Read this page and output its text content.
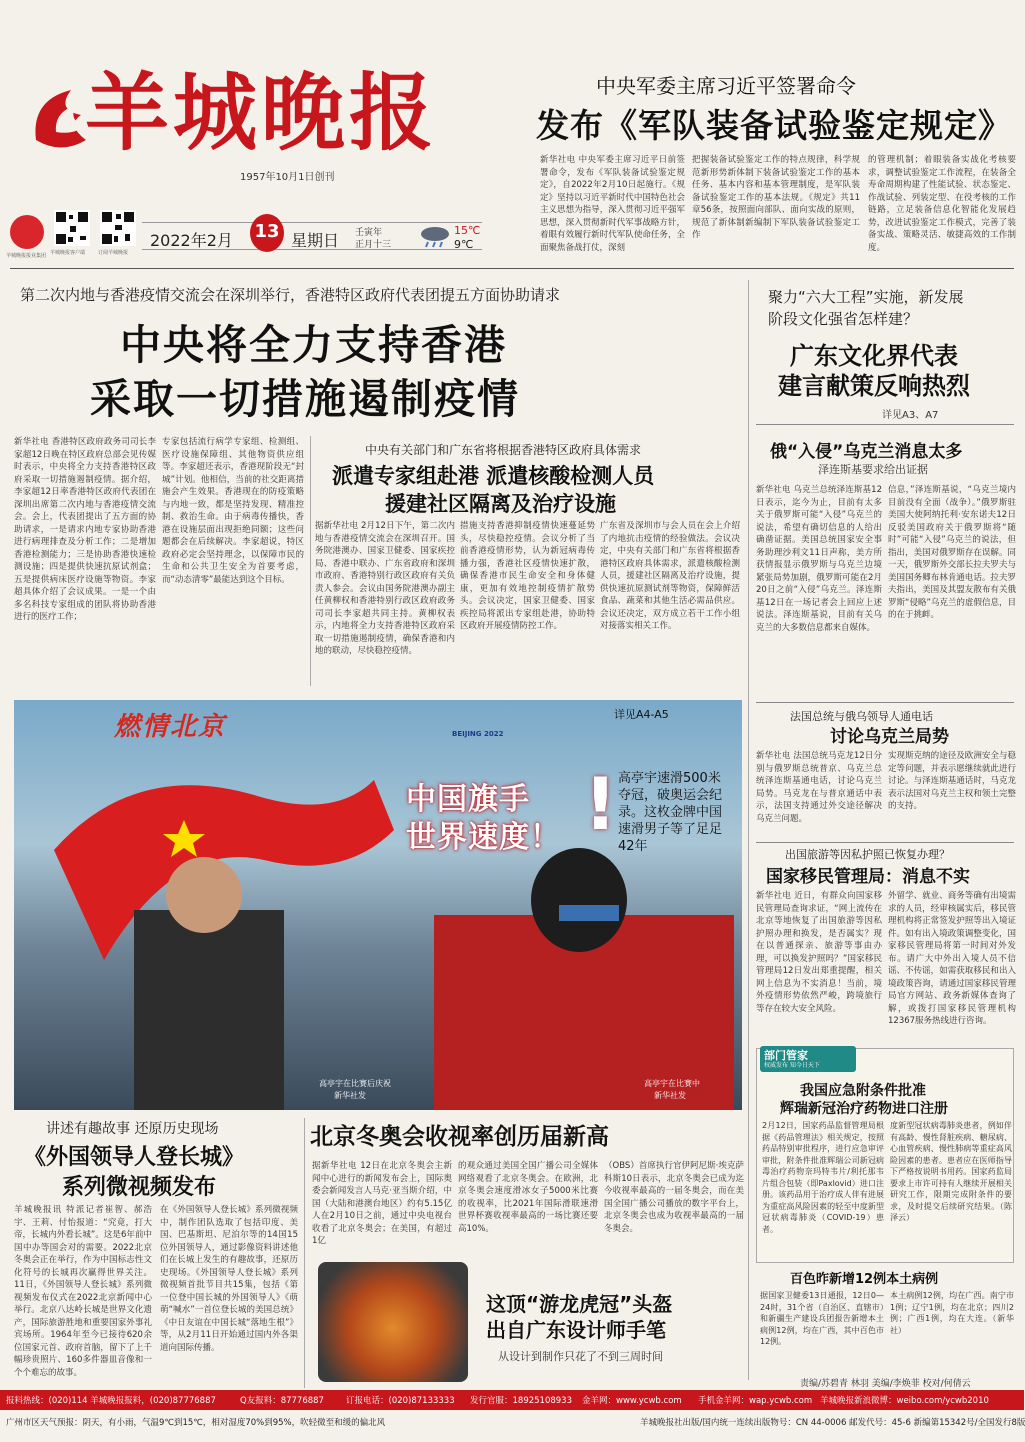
羊城晚报
1957年10月1日创刊
羊城晚报报业集团 羊城晚报客户端	订阅羊城晚报
2022年2月 13 星期日 壬寅年
正月十三
15℃
9℃
中央军委主席习近平签署命令
发布《军队装备试验鉴定规定》
新华社电 中央军委主席习近平日前签署命令，发布《军队装备试验鉴定规定》，自2022年2月10日起施行。《规定》坚持以习近平新时代中国特色社会主义思想为指导，深入贯彻习近平强军思想，深入贯彻新时代军事战略方针，着眼有效履行新时代军队使命任务，全面聚焦备战打仗，深刻
把握装备试验鉴定工作的特点规律，科学规范新形势新体制下装备试验鉴定工作的基本任务、基本内容和基本管理制度，是军队装备试验鉴定工作的基本法规。《规定》共11章56条，按照面向部队、面向实战的原则，规范了新体制新编制下军队装备试验鉴定工作
的管理机制；着眼装备实战化考核要求，调整试验鉴定工作流程，在装备全寿命周期构建了性能试验、状态鉴定、作战试验、列装定型、在役考核的工作链路，立足装备信息化智能化发展趋势，改进试验鉴定工作模式，完善了装备实战、策略灵活、敏捷高效的工作制度。
第二次内地与香港疫情交流会在深圳举行，香港特区政府代表团提五方面协助请求
中央将全力支持香港
采取一切措施遏制疫情
新华社电 香港特区政府政务司司长李家超12日晚在特区政府总部会见传媒时表示，中央将全力支持香港特区政府采取一切措施遏制疫情。据介绍，李家超12日率香港特区政府代表团在深圳出席第二次内地与香港疫情交流会。会上，代表团提出了五方面的协助请求，一是请求内地专家协助香港进行病理排查及分析工作；二是增加香港检测能力；三是协助香港快速检测设施；四是提供快速抗原试剂盒；五是提供病床医疗设施等物资。李家超具体介绍了会议成果。一是一个由多名科技专家组成的团队将协助香港进行的医疗工作；
专家包括流行病学专家组、检测组、医疗设施保障组、其他物资供应组等。李家超还表示，香港现阶段无“封城”计划。他相信，当前的社交距离措施会产生效果。香港现在的防疫策略与内地一致，都是坚持发现、精准控制、救治生命。由于病毒传播快，香港在设施层面出现拒绝同额；这些问题都会在后续解决。李家超说，特区政府必定会坚持理念，以保障市民的生命和公共卫生安全为首要考虑，而“动态清零”最能达到这个目标。
中央有关部门和广东省将根据香港特区政府具体需求
派遣专家组赴港 派遣核酸检测人员
援建社区隔离及治疗设施
据新华社电 2月12日下午，第二次内地与香港疫情交流会在深圳召开。国务院港澳办、国家卫健委、国家疾控局、香港中联办、广东省政府和深圳市政府、香港特别行政区政府有关负责人参会。会议由国务院港澳办副主任黄柳权和香港特别行政区政府政务司司长李家超共同主持。黄柳权表示，内地将全力支持香港特区政府采取一切措施遏制疫情，确保香港和内地的联动，尽快稳控疫情。
措施支持香港抑制疫情快速蔓延势头，尽快稳控疫情。会议分析了当前香港疫情形势，认为新冠病毒传播力强，香港社区疫情快速扩散，确保香港市民生命安全和身体健康，更加有效地控制疫情扩散势头。会议决定，国家卫健委、国家疾控局将派出专家组赴港，协助特区政府开展疫情防控工作。
广东省及深圳市与会人员在会上介绍了内地抗击疫情的经验做法。会议决定，中央有关部门和广东省将根据香港特区政府具体需求，派遣核酸检测人员，援建社区隔离及治疗设施，提供快速抗原测试剂等物资，保障鲜活食品、蔬菜和其他生活必需品供应。会议还决定，双方成立若干工作小组对接落实相关工作。
聚力“六大工程”实施，新发展
阶段文化强省怎样建？
广东文化界代表
建言献策反响热烈
详见A3、A7
俄“入侵”乌克兰消息太多
泽连斯基要求给出证据
新华社电 乌克兰总统泽连斯基12日表示，迄今为止，目前有太多关于俄罗斯可能“入侵”乌克兰的说法，希望有确切信息的人给出确凿证据。美国总统国家安全事务助理沙利文11日声称，美方所获情报显示俄罗斯与乌克兰边境紧张局势加剧，俄罗斯可能在2月20日之前“入侵”乌克兰。泽连斯基12日在一场记者会上回应上述说法。泽连斯基说，目前有关乌克兰的大多数信息都来自媒体。
信息，”泽连斯基说，“乌克兰境内目前没有全面（战争）。”俄罗斯驻美国大使阿纳托利·安东诺夫12日反驳美国政府关于俄罗斯将“随时”可能“入侵”乌克兰的说法，但指出，美国对俄罗斯存在误解。同一天，俄罗斯外交部长拉夫罗夫与美国国务卿布林肯通电话。拉夫罗夫指出，美国及其盟友散布有关俄罗斯“侵略”乌克兰的虚假信息，目的在于挑衅。
法国总统与俄乌领导人通电话
讨论乌克兰局势
新华社电 法国总统马克龙12日分别与俄罗斯总统普京、乌克兰总统泽连斯基通电话，讨论乌克兰局势。马克龙在与普京通话中表示，法国支持通过外交途径解决乌克兰问题。
实现斯克纳的途径及欧洲安全与稳定等问题，并表示愿继续就此进行讨论。与泽连斯基通话时，马克龙表示法国对乌克兰主权和领土完整的支持。
出国旅游等因私护照已恢复办理？
国家移民管理局：消息不实
新华社电 近日，有群众向国家移民管理局查询求证，“网上流传在北京等地恢复了出国旅游等因私护照办理和换发，是否属实？现在以普通探亲、旅游等事由办理，可以换发护照吗？”国家移民管理局12日发出郑重提醒，相关网上信息为不实消息！当前，境外疫情形势依然严峻，跨境旅行等存在较大安全风险。
外留学、就业、商务等确有出境需求的人员，经审核属实后，移民管理机构将正常签发护照等出入境证件。如有出入境政策调整变化，国家移民管理局将第一时间对外发布。请广大中外出入境人员不信谣、不传谣，如需获取移民和出入境政策咨询，请通过国家移民管理局官方网站、政务新媒体查询了解，或拨打国家移民管理机构12367服务热线进行咨询。
部门管家
权威发布 知今日天下
我国应急附条件批准
辉瑞新冠治疗药物进口注册
2月12日，国家药品监督管理局根据《药品管理法》相关规定，按照药品特别审批程序，进行应急审评审批，附条件批准辉瑞公司新冠病毒治疗药物奈玛特韦片/利托那韦片组合包装（即Paxlovid）进口注册。该药品用于治疗成人伴有进展为重症高风险因素的轻至中度新型冠状病毒肺炎（COVID-19）患者。
度新型冠状病毒肺炎患者，例如伴有高龄、慢性肾脏疾病、糖尿病、心血管疾病、慢性肺病等重症高风险因素的患者。患者应在医师指导下严格按说明书用药。国家药监局要求上市许可持有人继续开展相关研究工作，限期完成附条件的要求，及时提交后续研究结果。（陈泽云）
百色昨新增12例本土病例
据国家卫健委13日通报，12日0—24时，31个省（自治区、直辖市）和新疆生产建设兵团报告新增本土病例12例，均在广西，其中百色市12例。
本土病例12例，均在广西。南宁市1例；辽宁1例，均在北京；四川2例；广西1例，均在大连。（新华社）
燃情北京	BEIJING 2022
详见A4-A5
中国旗手
世界速度！ ! 高亭宇速滑500米夺冠，破奥运会纪录。这枚金牌中国速滑男子等了足足42年
高亭宇在比赛后庆祝
新华社发
高亭宇在比赛中
新华社发
讲述有趣故事 还原历史现场
《外国领导人登长城》
系列微视频发布
羊城晚报讯 特派记者崔智、郝浩宇、王莉、付怡报道：“究竟，打大帝，长城内外看长城”。这是6年前中国中办等国会对的需要。2022北京冬奥会正在举行，作为中国标志性文化符号的长城再次赢得世界关注。11日，《外国领导人登长城》系列微视频发布仪式在2022北京新闻中心举行。北京八达岭长城是世界文化遗产，国际旅游胜地和重要国家外事礼宾场所。1964年至今已接待620余位国家元首、政府首脑，留下了上千幅珍贵照片、160多件器皿音像和一个个难忘的故事。
在《外国领导人登长城》系列微视频中，制作团队选取了包括印度、美国、巴基斯坦、尼泊尔等的14国15位外国领导人，通过影像资料讲述他们在长城上发生的有趣故事，还原历史现场。《外国领导人登长城》系列微视频首批节目共15集，包括《第一位登中国长城的外国领导人》《萌萌“喊水”一首位登长城的美国总统》《中日友谊在中国长城“落地生根”》等，从2月11日开始通过国内外各渠道向国际传播。
北京冬奥会收视率创历届新高
据新华社电 12日在北京冬奥会主新闻中心进行的新闻发布会上，国际奥委会新闻发言人马克·亚当斯介绍，中国（大陆和港澳台地区）约有5.15亿人在2月10日之前，通过中央电视台收看了北京冬奥会；在美国，有超过1亿
的观众通过美国全国广播公司全媒体网络观看了北京冬奥会。在欧洲，北京冬奥会速度滑冰女子5000米比赛的收视率，比2021年国际滑联速滑世界杯赛收视率最高的一场比赛还要高10%。
（OBS）首席执行官伊阿尼斯·埃克萨科斯10日表示，北京冬奥会已成为迄今收视率最高的一届冬奥会，而在美国全国广播公司播放的数字平台上，北京冬奥会也成为收视率最高的一届冬奥会。
这顶“游龙虎冠”头盔
出自广东设计师手笔
从设计到制作只花了不到三周时间
责编/苏碧青 林羽 美编/李焕菲 校对/何倩云
报料热线：(020)114 羊城晚报报料，(020)87776887	Q友报料：87776887	订报电话：(020)87133333 发行官服：18925108933 金羊网：www.ycwb.com 手机金羊网：wap.ycwb.com 羊城晚报新浪微博：weibo.com/ycwb2010
广州市区天气预报：阴天，有小雨，气温9℃到15℃，相对湿度70%到95%，吹轻微至和缓的偏北风	羊城晚报社出版/国内统一连续出版物号：CN 44-0006 邮发代号：45-6 新编第15342号/全国发行8版
